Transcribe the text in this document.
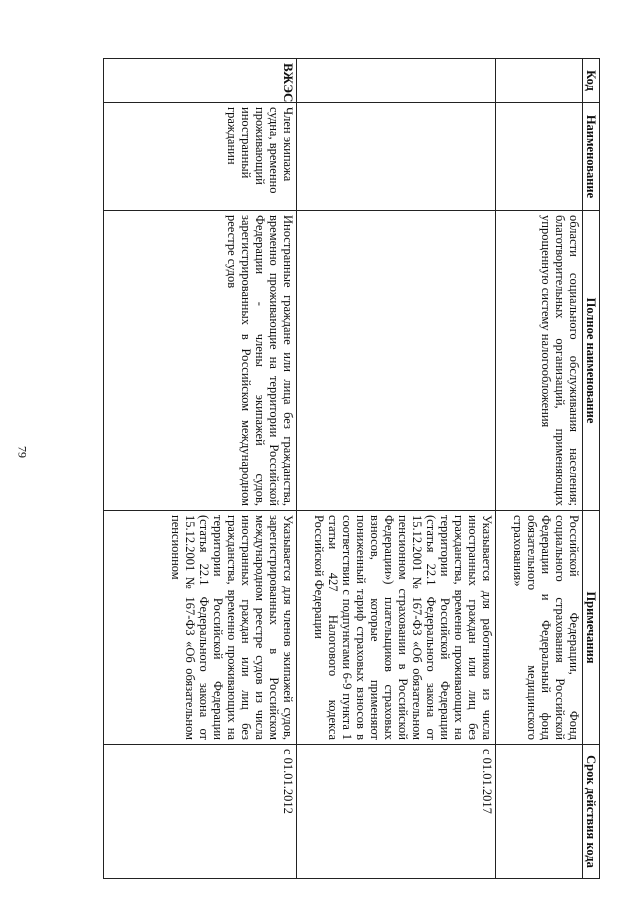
79
Код	Наименование	Полное наименование	Примечания	Срок действия кода
		области социального обслуживания населения; благотворительных организаций, применяющих упрощенную систему налогообложения	Российской Федерации, Фонд социального страхования Российской Федерации и Федеральный фонд обязательного медицинского страхования»	
			Указывается для работников из числа иностранных граждан или лиц без гражданства, временно проживающих на территории Российской Федерации (статья 22.1 Федерального закона от 15.12.2001 № 167-ФЗ «Об обязательном пенсионном страховании в Российской Федерации») плательщиков страховых взносов, которые применяют пониженный тариф страховых взносов в соответствии с подпунктами 6-9 пункта 1 статьи 427 Налогового кодекса Российской Федерации	с 01.01.2017
ВЖЭС	Член экипажа судна, временно проживающий иностранный гражданин	Иностранные граждане или лица без гражданства, временно проживающие на территории Российской Федерации - члены экипажей судов, зарегистрированных в Российском международном реестре судов	Указывается для членов экипажей судов, зарегистрированных в Российском международном реестре судов из числа иностранных граждан или лиц без гражданства, временно проживающих на территории Российской Федерации (статья 22.1 Федерального закона от 15.12.2001 № 167-ФЗ «Об обязательном пенсионном	с 01.01.2012
